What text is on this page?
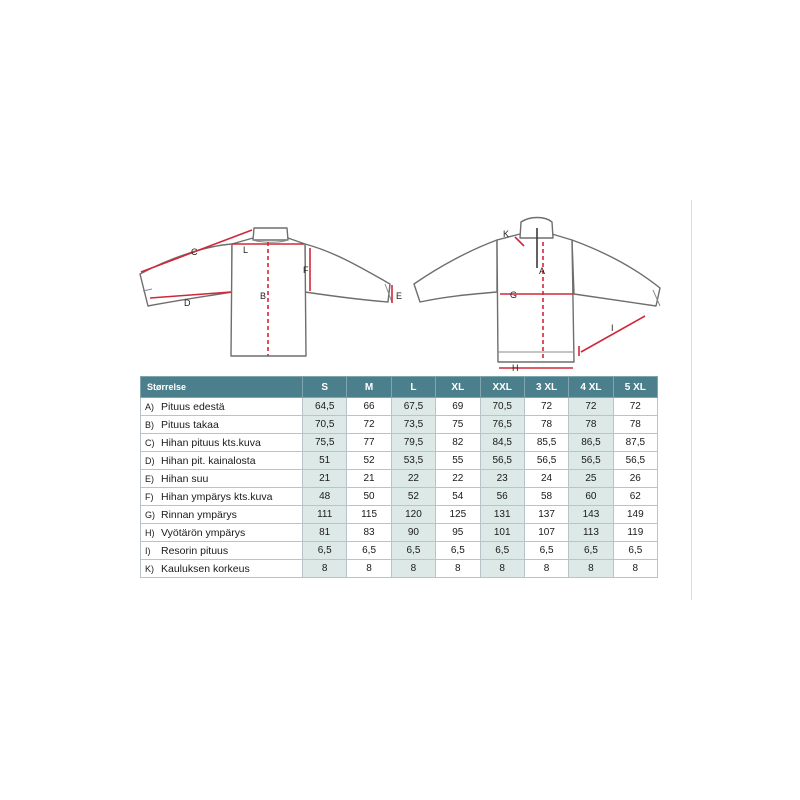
C	L
B
D
F
E
K
A
G
H
I
Størrelse	S	M	L	XL	XXL	3 XL	4 XL	5 XL
A) Pituus edestä	64,5	66	67,5	69	70,5	72	72	72
B) Pituus takaa	70,5	72	73,5	75	76,5	78	78	78
C) Hihan pituus kts.kuva	75,5	77	79,5	82	84,5	85,5	86,5	87,5
D) Hihan pit. kainalosta	51	52	53,5	55	56,5	56,5	56,5	56,5
E) Hihan suu	21	21	22	22	23	24	25	26
F) Hihan ympärys kts.kuva	48	50	52	54	56	58	60	62
G) Rinnan ympärys	111	115	120	125	131	137	143	149
H) Vyötärön ympärys	81	83	90	95	101	107	113	119
I) Resorin pituus	6,5	6,5	6,5	6,5	6,5	6,5	6,5	6,5
K) Kauluksen korkeus	8	8	8	8	8	8	8	8
